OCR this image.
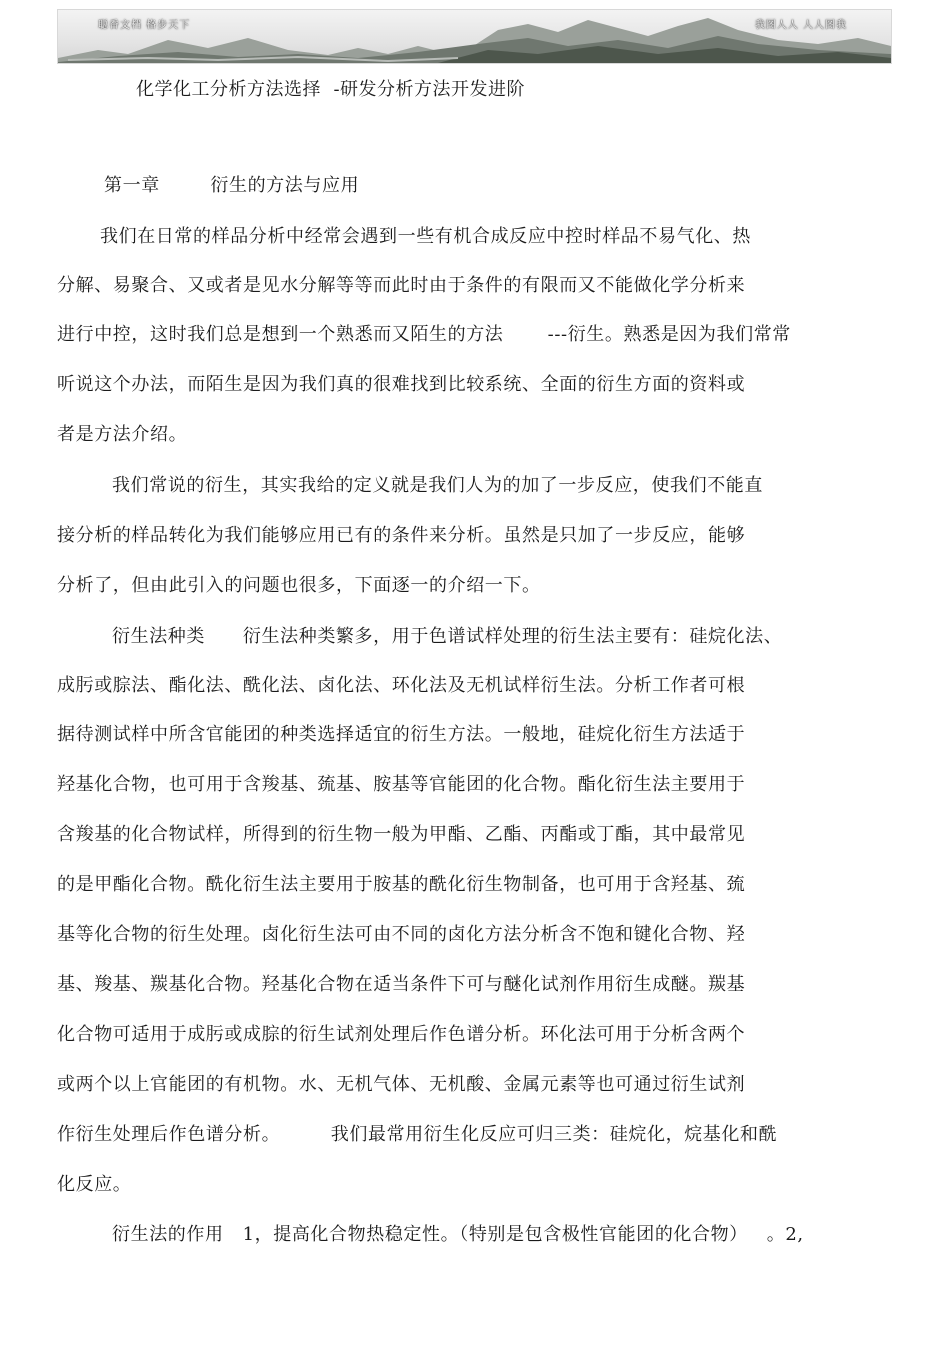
聪香文档 格步天下	我图人人 人人图我
化学化工分析方法选择  -研发分析方法开发进阶

第一章        衍生的方法与应用

我们在日常的样品分析中经常会遇到一些有机合成反应中控时样品不易气化、热

分解、易聚合、又或者是见水分解等等而此时由于条件的有限而又不能做化学分析来

进行中控，这时我们总是想到一个熟悉而又陌生的方法       ---衍生。熟悉是因为我们常常

听说这个办法，而陌生是因为我们真的很难找到比较系统、全面的衍生方面的资料或

者是方法介绍。

我们常说的衍生，其实我给的定义就是我们人为的加了一步反应，使我们不能直

接分析的样品转化为我们能够应用已有的条件来分析。虽然是只加了一步反应，能够

分析了，但由此引入的问题也很多，下面逐一的介绍一下。

衍生法种类      衍生法种类繁多，用于色谱试样处理的衍生法主要有：硅烷化法、

成肟或腙法、酯化法、酰化法、卤化法、环化法及无机试样衍生法。分析工作者可根

据待测试样中所含官能团的种类选择适宜的衍生方法。一般地，硅烷化衍生方法适于

羟基化合物，也可用于含羧基、巯基、胺基等官能团的化合物。酯化衍生法主要用于

含羧基的化合物试样，所得到的衍生物一般为甲酯、乙酯、丙酯或丁酯，其中最常见

的是甲酯化合物。酰化衍生法主要用于胺基的酰化衍生物制备，也可用于含羟基、巯

基等化合物的衍生处理。卤化衍生法可由不同的卤化方法分析含不饱和键化合物、羟

基、羧基、羰基化合物。羟基化合物在适当条件下可与醚化试剂作用衍生成醚。羰基

化合物可适用于成肟或成腙的衍生试剂处理后作色谱分析。环化法可用于分析含两个

或两个以上官能团的有机物。水、无机气体、无机酸、金属元素等也可通过衍生试剂

作衍生处理后作色谱分析。        我们最常用衍生化反应可归三类：硅烷化，烷基化和酰

化反应。

衍生法的作用   1，提高化合物热稳定性。（特别是包含极性官能团的化合物）   。2,
